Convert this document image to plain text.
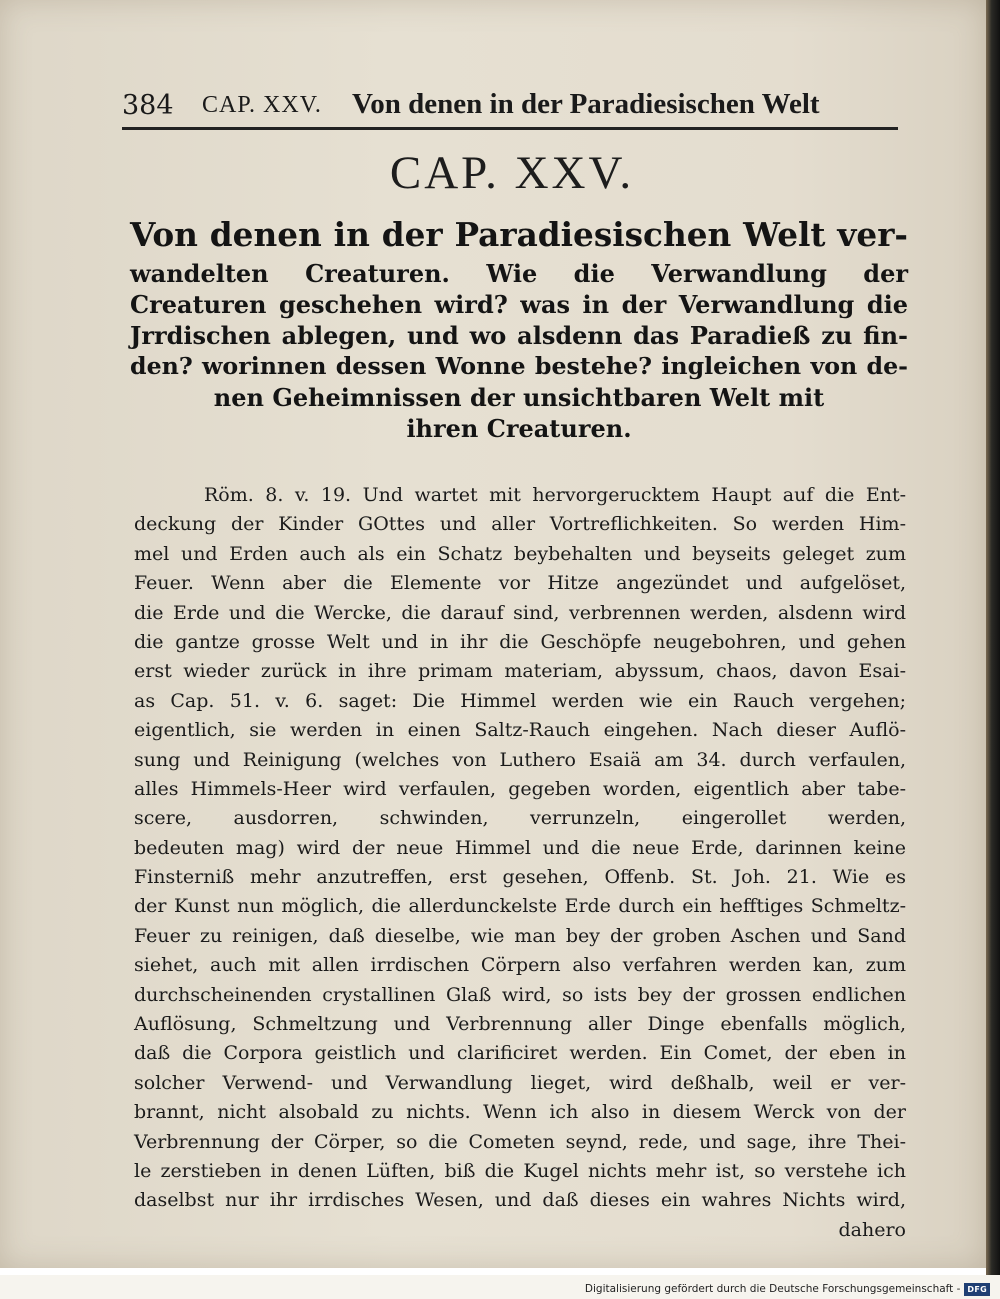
384 CAP. XXV. Von denen in der Paradiesischen Welt
CAP. XXV.
Von denen in der Paradiesischen Welt ver-
wandelten Creaturen. Wie die Verwandlung der
Creaturen geschehen wird? was in der Verwandlung die
Jrrdischen ablegen, und wo alsdenn das Paradieß zu fin-
den? worinnen dessen Wonne bestehe? ingleichen von de-
nen Geheimnissen der unsichtbaren Welt mit
ihren Creaturen.
Röm. 8. v. 19. Und wartet mit hervorgerucktem Haupt auf die Ent-
deckung der Kinder GOttes und aller Vortreflichkeiten. So werden Him-
mel und Erden auch als ein Schatz beybehalten und beyseits geleget zum
Feuer. Wenn aber die Elemente vor Hitze angezündet und aufgelöset,
die Erde und die Wercke, die darauf sind, verbrennen werden, alsdenn wird
die gantze grosse Welt und in ihr die Geschöpfe neugebohren, und gehen
erst wieder zurück in ihre primam materiam, abyssum, chaos, davon Esai-
as Cap. 51. v. 6. saget: Die Himmel werden wie ein Rauch vergehen;
eigentlich, sie werden in einen Saltz-Rauch eingehen. Nach dieser Auflö-
sung und Reinigung (welches von Luthero Esaiä am 34. durch verfaulen,
alles Himmels-Heer wird verfaulen, gegeben worden, eigentlich aber tabe-
scere, ausdorren, schwinden, verrunzeln, eingerollet werden,
bedeuten mag) wird der neue Himmel und die neue Erde, darinnen keine
Finsterniß mehr anzutreffen, erst gesehen, Offenb. St. Joh. 21. Wie es
der Kunst nun möglich, die allerdunckelste Erde durch ein hefftiges Schmeltz-
Feuer zu reinigen, daß dieselbe, wie man bey der groben Aschen und Sand
siehet, auch mit allen irrdischen Cörpern also verfahren werden kan, zum
durchscheinenden crystallinen Glaß wird, so ists bey der grossen endlichen
Auflösung, Schmeltzung und Verbrennung aller Dinge ebenfalls möglich,
daß die Corpora geistlich und clarificiret werden. Ein Comet, der eben in
solcher Verwend- und Verwandlung lieget, wird deßhalb, weil er ver-
brannt, nicht alsobald zu nichts. Wenn ich also in diesem Werck von der
Verbrennung der Cörper, so die Cometen seynd, rede, und sage, ihre Thei-
le zerstieben in denen Lüften, biß die Kugel nichts mehr ist, so verstehe ich
daselbst nur ihr irrdisches Wesen, und daß dieses ein wahres Nichts wird,
dahero
Digitalisierung gefördert durch die Deutsche Forschungsgemeinschaft - DFG
